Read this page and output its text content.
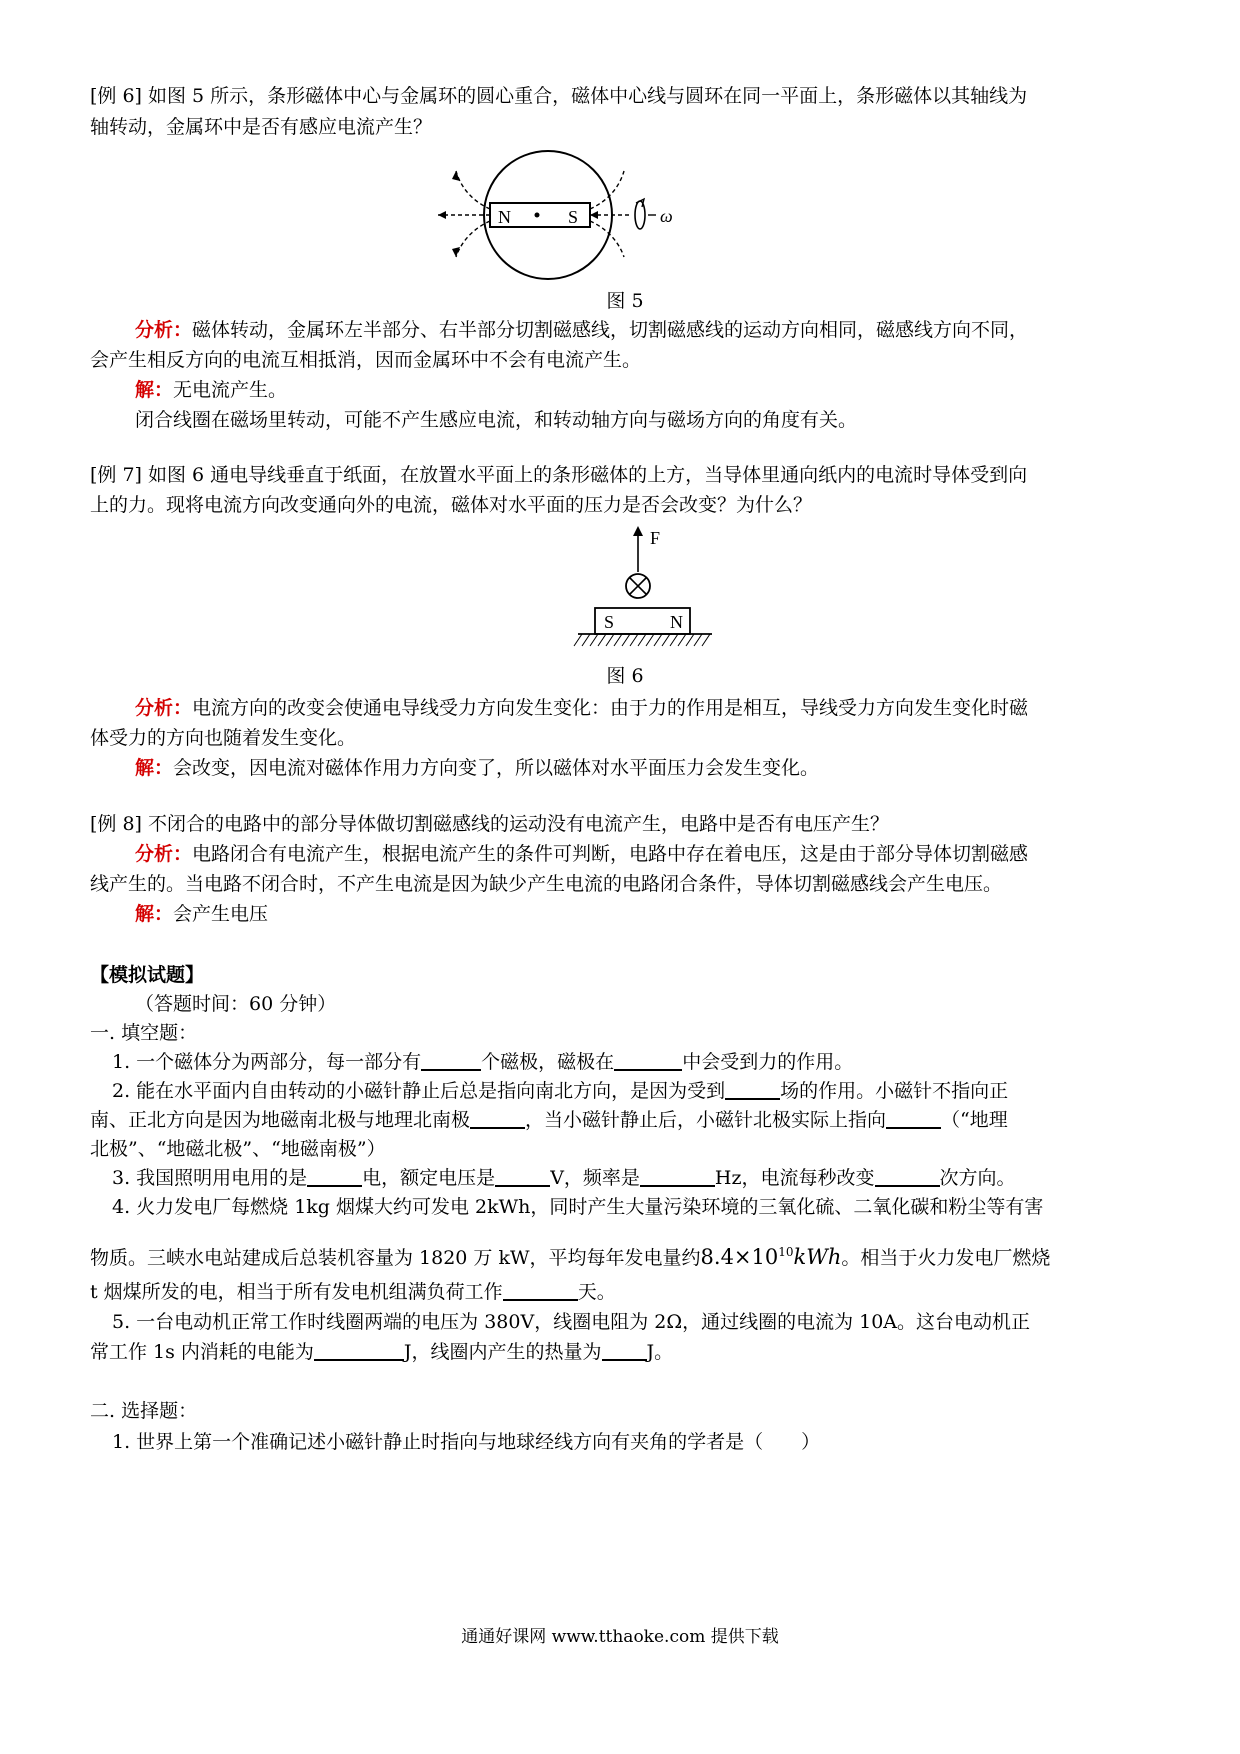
[例 6] 如图 5 所示，条形磁体中心与金属环的圆心重合，磁体中心线与圆环在同一平面上，条形磁体以其轴线为

轴转动，金属环中是否有感应电流产生？

N	S	ω
图 5

分析：磁体转动，金属环左半部分、右半部分切割磁感线，切割磁感线的运动方向相同，磁感线方向不同，

会产生相反方向的电流互相抵消，因而金属环中不会有电流产生。

解：无电流产生。

闭合线圈在磁场里转动，可能不产生感应电流，和转动轴方向与磁场方向的角度有关。

[例 7] 如图 6 通电导线垂直于纸面，在放置水平面上的条形磁体的上方，当导体里通向纸内的电流时导体受到向

上的力。现将电流方向改变通向外的电流，磁体对水平面的压力是否会改变？为什么？

F
S	N
图 6

分析：电流方向的改变会使通电导线受力方向发生变化：由于力的作用是相互，导线受力方向发生变化时磁

体受力的方向也随着发生变化。

解：会改变，因电流对磁体作用力方向变了，所以磁体对水平面压力会发生变化。

[例 8] 不闭合的电路中的部分导体做切割磁感线的运动没有电流产生，电路中是否有电压产生？

分析：电路闭合有电流产生，根据电流产生的条件可判断，电路中存在着电压，这是由于部分导体切割磁感

线产生的。当电路不闭合时，不产生电流是因为缺少产生电流的电路闭合条件，导体切割磁感线会产生电压。

解：会产生电压

【模拟试题】

（答题时间：60 分钟）

一. 填空题：

1. 一个磁体分为两部分，每一部分有	个磁极，磁极在	中会受到力的作用。

2. 能在水平面内自由转动的小磁针静止后总是指向南北方向，是因为受到	场的作用。小磁针不指向正

南、正北方向是因为地磁南北极与地理北南极	，当小磁针静止后，小磁针北极实际上指向	（“地理

北极”、“地磁北极”、“地磁南极”）

3. 我国照明用电用的是	电，额定电压是	V，频率是	Hz，电流每秒改变	次方向。

4. 火力发电厂每燃烧 1kg 烟煤大约可发电 2kWh，同时产生大量污染环境的三氧化硫、二氧化碳和粉尘等有害

物质。三峡水电站建成后总装机容量为 1820 万 kW，平均每年发电量约$8.4\times 10^{10}kWh$。相当于火力发电厂燃烧

t 烟煤所发的电，相当于所有发电机组满负荷工作	天。

5. 一台电动机正常工作时线圈两端的电压为 380V，线圈电阻为 2Ω，通过线圈的电流为 10A。这台电动机正

常工作 1s 内消耗的电能为	J，线圈内产生的热量为 J。

二. 选择题：

1. 世界上第一个准确记述小磁针静止时指向与地球经线方向有夹角的学者是（　　）

通通好课网 www.tthaoke.com 提供下载
